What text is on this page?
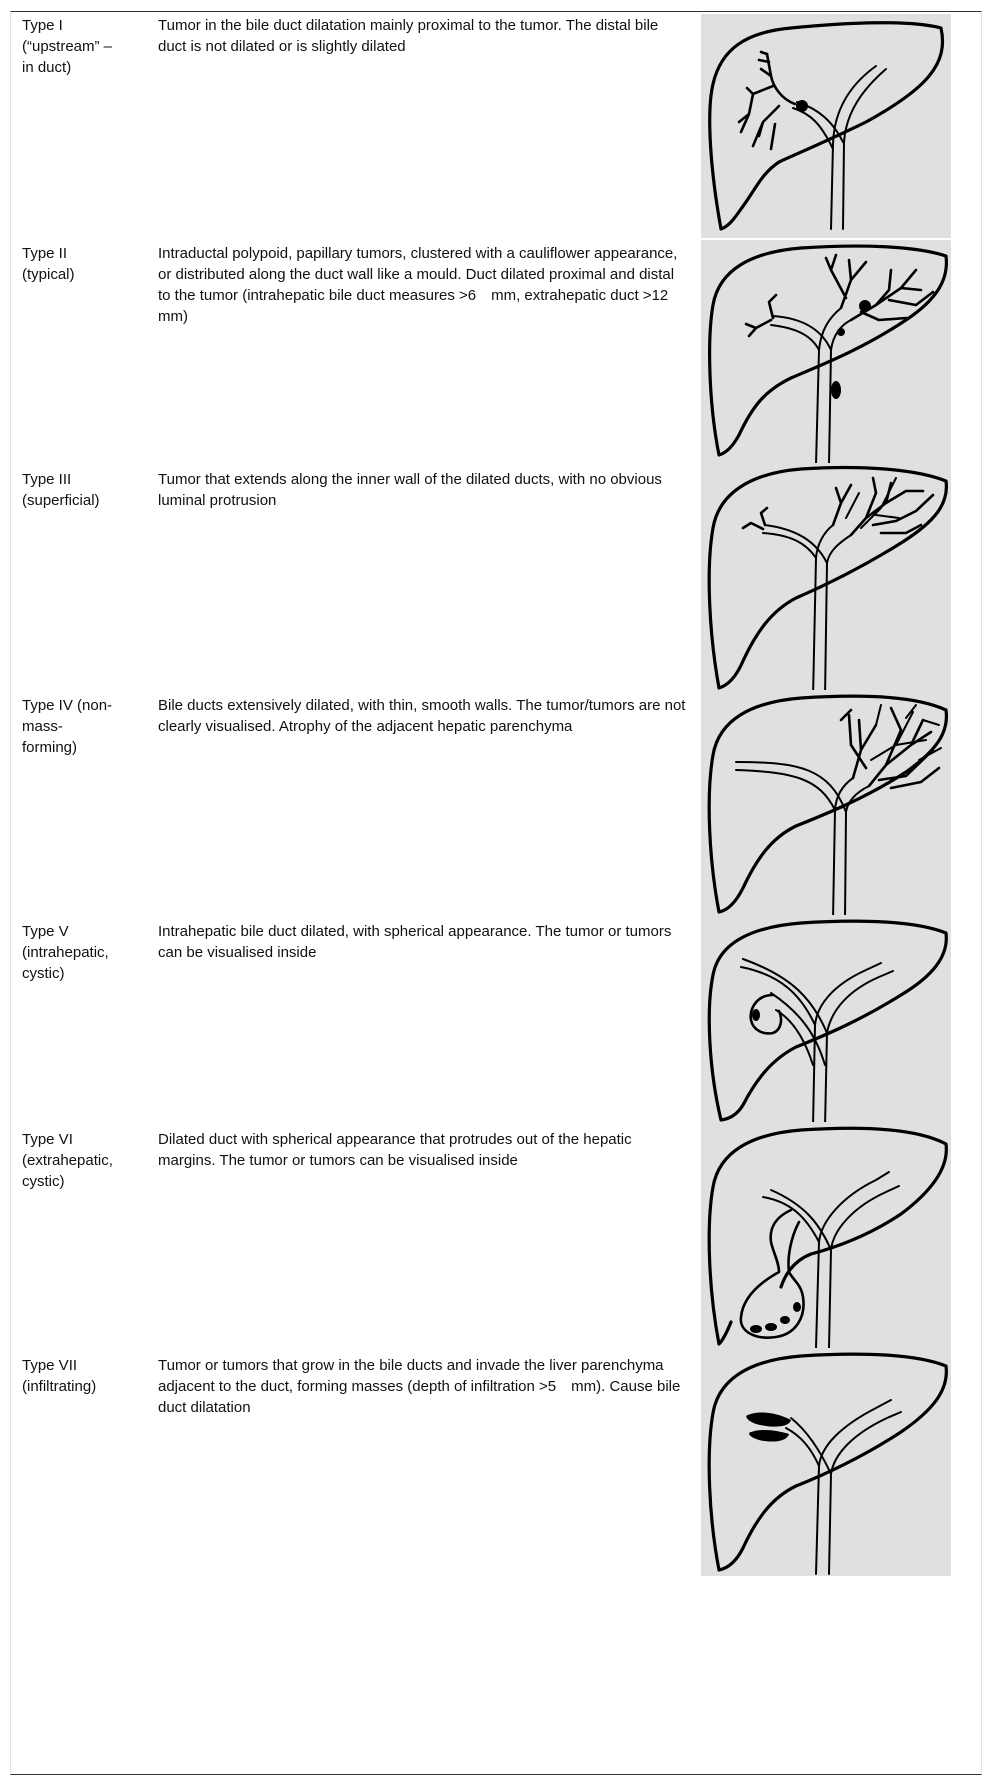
Type I
(“upstream” –
in duct)
Tumor in the bile duct dilatation mainly proximal to the tumor. The distal bile duct is not dilated or is slightly dilated
Type II
(typical)
Intraductal polypoid, papillary tumors, clustered with a cauliflower appearance, or distributed along the duct wall like a mould. Duct dilated proximal and distal to the tumor (intrahepatic bile duct measures >6 mm, extrahepatic duct >12 mm)
Type III
(superficial)
Tumor that extends along the inner wall of the dilated ducts, with no obvious luminal protrusion
Type IV (non-
mass-
forming)
Bile ducts extensively dilated, with thin, smooth walls. The tumor/tumors are not clearly visualised. Atrophy of the adjacent hepatic parenchyma
Type V
(intrahepatic,
cystic)
Intrahepatic bile duct dilated, with spherical appearance. The tumor or tumors can be visualised inside
Type VI
(extrahepatic,
cystic)
Dilated duct with spherical appearance that protrudes out of the hepatic margins. The tumor or tumors can be visualised inside
Type VII
(infiltrating)
Tumor or tumors that grow in the bile ducts and invade the liver parenchyma adjacent to the duct, forming masses (depth of infiltration >5 mm). Cause bile duct dilatation
